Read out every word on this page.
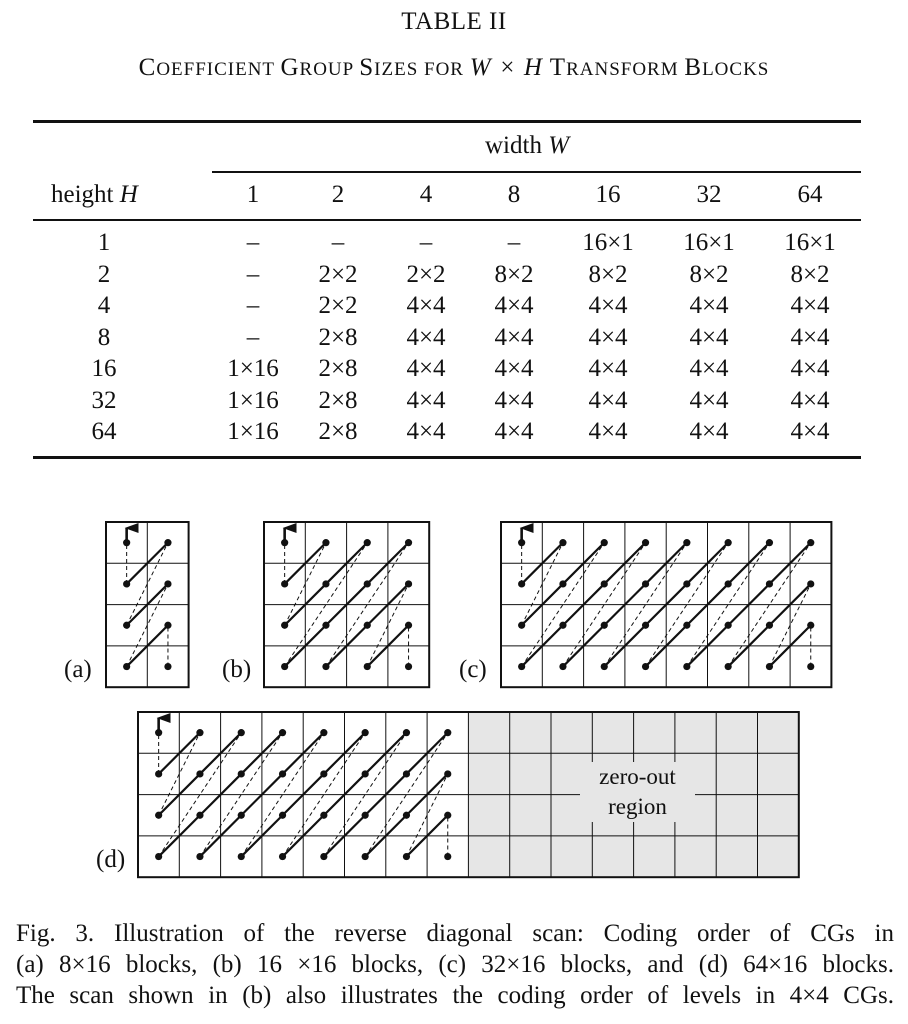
TABLE II
COEFFICIENT GROUP SIZES FOR W × H TRANSFORM BLOCKS
width W
height H	1	2	4	8	16	32	64
1	–	–	–	–	16×1	16×1	16×1
2	–	2×2	2×2	8×2	8×2	8×2	8×2
4	–	2×2	4×4	4×4	4×4	4×4	4×4
8	–	2×8	4×4	4×4	4×4	4×4	4×4
16	1×16	2×8	4×4	4×4	4×4	4×4	4×4
32	1×16	2×8	4×4	4×4	4×4	4×4	4×4
64	1×16	2×8	4×4	4×4	4×4	4×4	4×4
(a)	(b)	(c)
(d)
zero-out
region
Fig. 3. Illustration of the reverse diagonal scan: Coding order of CGs in
(a) 8×16 blocks, (b) 16 ×16 blocks, (c) 32×16 blocks, and (d) 64×16 blocks.
The scan shown in (b) also illustrates the coding order of levels in 4×4 CGs.
